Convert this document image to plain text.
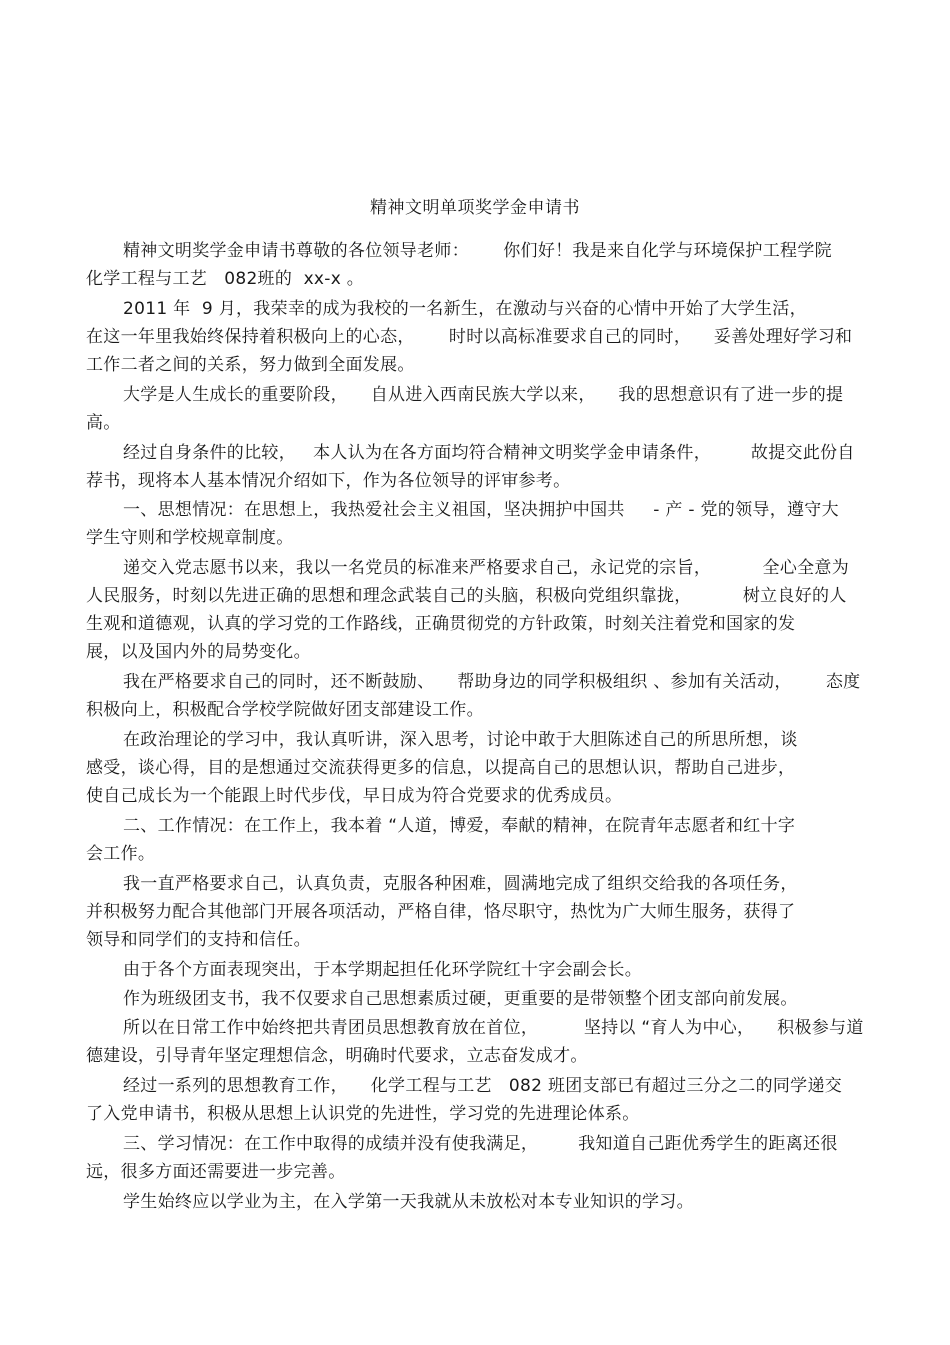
精神文明单项奖学金申请书
精神文明奖学金申请书尊敬的各位领导老师：      你们好！我是来自化学与环境保护工程学院
化学工程与工艺   082班的  xx-x 。
2011 年  9 月，我荣幸的成为我校的一名新生，在激动与兴奋的心情中开始了大学生活，
在这一年里我始终保持着积极向上的心态，      时时以高标准要求自己的同时，    妥善处理好学习和
工作二者之间的关系，努力做到全面发展。
大学是人生成长的重要阶段，    自从进入西南民族大学以来，    我的思想意识有了进一步的提
高。
经过自身条件的比较，   本人认为在各方面均符合精神文明奖学金申请条件，       故提交此份自
荐书，现将本人基本情况介绍如下，作为各位领导的评审参考。
一、思想情况：在思想上，我热爱社会主义祖国，坚决拥护中国共     - 产 - 党的领导，遵守大
学生守则和学校规章制度。
递交入党志愿书以来，我以一名党员的标准来严格要求自己，永记党的宗旨，         全心全意为
人民服务，时刻以先进正确的思想和理念武装自己的头脑，积极向党组织靠拢，         树立良好的人
生观和道德观，认真的学习党的工作路线，正确贯彻党的方针政策，时刻关注着党和国家的发
展，以及国内外的局势变化。
我在严格要求自己的同时，还不断鼓励、    帮助身边的同学积极组织 、参加有关活动，      态度
积极向上，积极配合学校学院做好团支部建设工作。
在政治理论的学习中，我认真听讲，深入思考，讨论中敢于大胆陈述自己的所思所想，谈
感受，谈心得，目的是想通过交流获得更多的信息，以提高自己的思想认识，帮助自己进步，
使自己成长为一个能跟上时代步伐，早日成为符合党要求的优秀成员。
二、工作情况：在工作上，我本着 “人道，博爱，奉献的精神，在院青年志愿者和红十字
会工作。
我一直严格要求自己，认真负责，克服各种困难，圆满地完成了组织交给我的各项任务，
并积极努力配合其他部门开展各项活动，严格自律，恪尽职守，热忱为广大师生服务，获得了
领导和同学们的支持和信任。
由于各个方面表现突出，于本学期起担任化环学院红十字会副会长。
作为班级团支书，我不仅要求自己思想素质过硬，更重要的是带领整个团支部向前发展。
所以在日常工作中始终把共青团员思想教育放在首位，        坚持以 “育人为中心，    积极参与道
德建设，引导青年坚定理想信念，明确时代要求，立志奋发成才。
经过一系列的思想教育工作，    化学工程与工艺   082 班团支部已有超过三分之二的同学递交
了入党申请书，积极从思想上认识党的先进性，学习党的先进理论体系。
三、学习情况：在工作中取得的成绩并没有使我满足，       我知道自己距优秀学生的距离还很
远，很多方面还需要进一步完善。
学生始终应以学业为主，在入学第一天我就从未放松对本专业知识的学习。
